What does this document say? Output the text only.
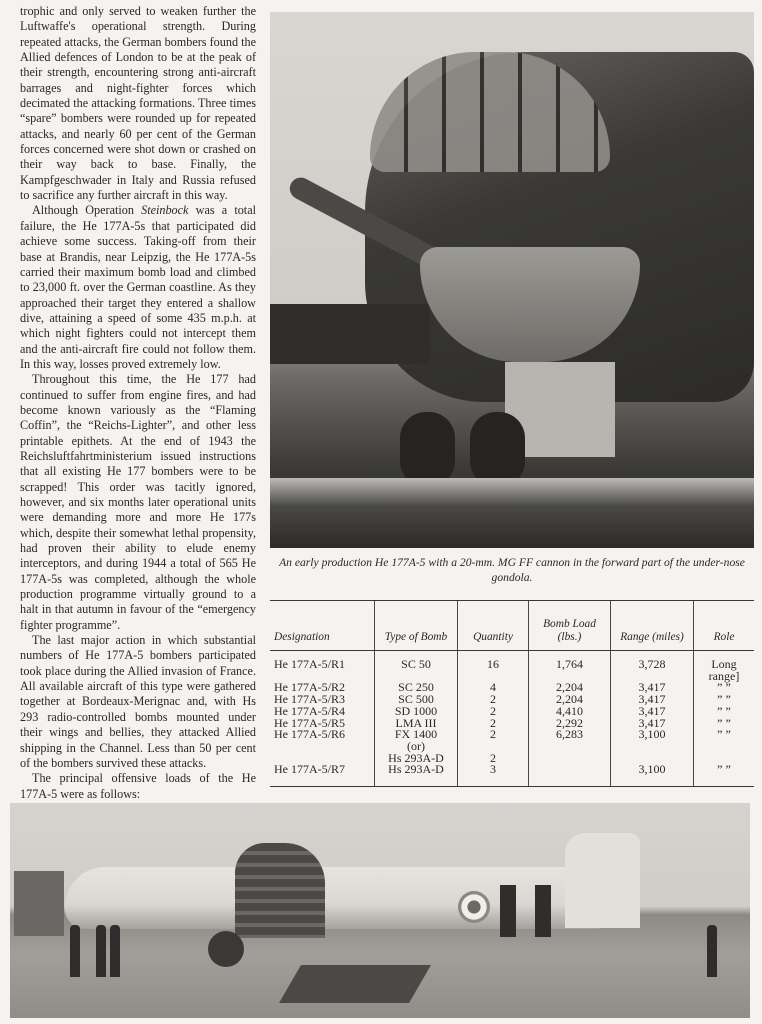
trophic and only served to weaken further the Luftwaffe's operational strength. During repeated attacks, the German bombers found the Allied defences of London to be at the peak of their strength, encountering strong anti-aircraft barrages and night-fighter forces which decimated the attacking formations. Three times “spare” bombers were rounded up for repeated attacks, and nearly 60 per cent of the German forces concerned were shot down or crashed on their way back to base. Finally, the Kampfgeschwader in Italy and Russia refused to sacrifice any further aircraft in this way.

Although Operation Steinbock was a total failure, the He 177A-5s that participated did achieve some success. Taking-off from their base at Brandis, near Leipzig, the He 177A-5s carried their maximum bomb load and climbed to 23,000 ft. over the German coastline. As they approached their target they entered a shallow dive, attaining a speed of some 435 m.p.h. at which night fighters could not intercept them and the anti-aircraft fire could not follow them. In this way, losses proved extremely low.

Throughout this time, the He 177 had continued to suffer from engine fires, and had become known variously as the “Flaming Coffin”, the “Reichs-Lighter”, and other less printable epithets. At the end of 1943 the Reichsluftfahrtministerium issued instructions that all existing He 177 bombers were to be scrapped! This order was tacitly ignored, however, and six months later operational units were demanding more and more He 177s which, despite their somewhat lethal propensity, had proven their ability to elude enemy interceptors, and during 1944 a total of 565 He 177A-5s was completed, although the whole production programme virtually ground to a halt in that autumn in favour of the “emergency fighter programme”.

The last major action in which substantial numbers of He 177A-5 bombers participated took place during the Allied invasion of France. All available aircraft of this type were gathered together at Bordeaux-Merignac and, with Hs 293 radio-controlled bombs mounted under their wings and bellies, they attacked Allied shipping in the Channel. Less than 50 per cent of the bombers survived these attacks.

The principal offensive loads of the He 177A-5 were as follows:

An early production He 177A-5 with a 20-mm. MG FF cannon in the forward part of the under-nose gondola.
Designation	Type of Bomb	Quantity	Bomb Load (lbs.)	Range (miles)	Role
He 177A-5/R1	SC 50	16	1,764	3,728	Long range]
He 177A-5/R2	SC 250	4	2,204	3,417	” ”
He 177A-5/R3	SC 500	2	2,204	3,417	” ”
He 177A-5/R4	SD 1000	2	4,410	3,417	” ”
He 177A-5/R5	LMA III	2	2,292	3,417	” ”
He 177A-5/R6	FX 1400	2	6,283	3,100	” ”
	(or)				
	Hs 293A-D	2			
He 177A-5/R7	Hs 293A-D	3		3,100	” ”
